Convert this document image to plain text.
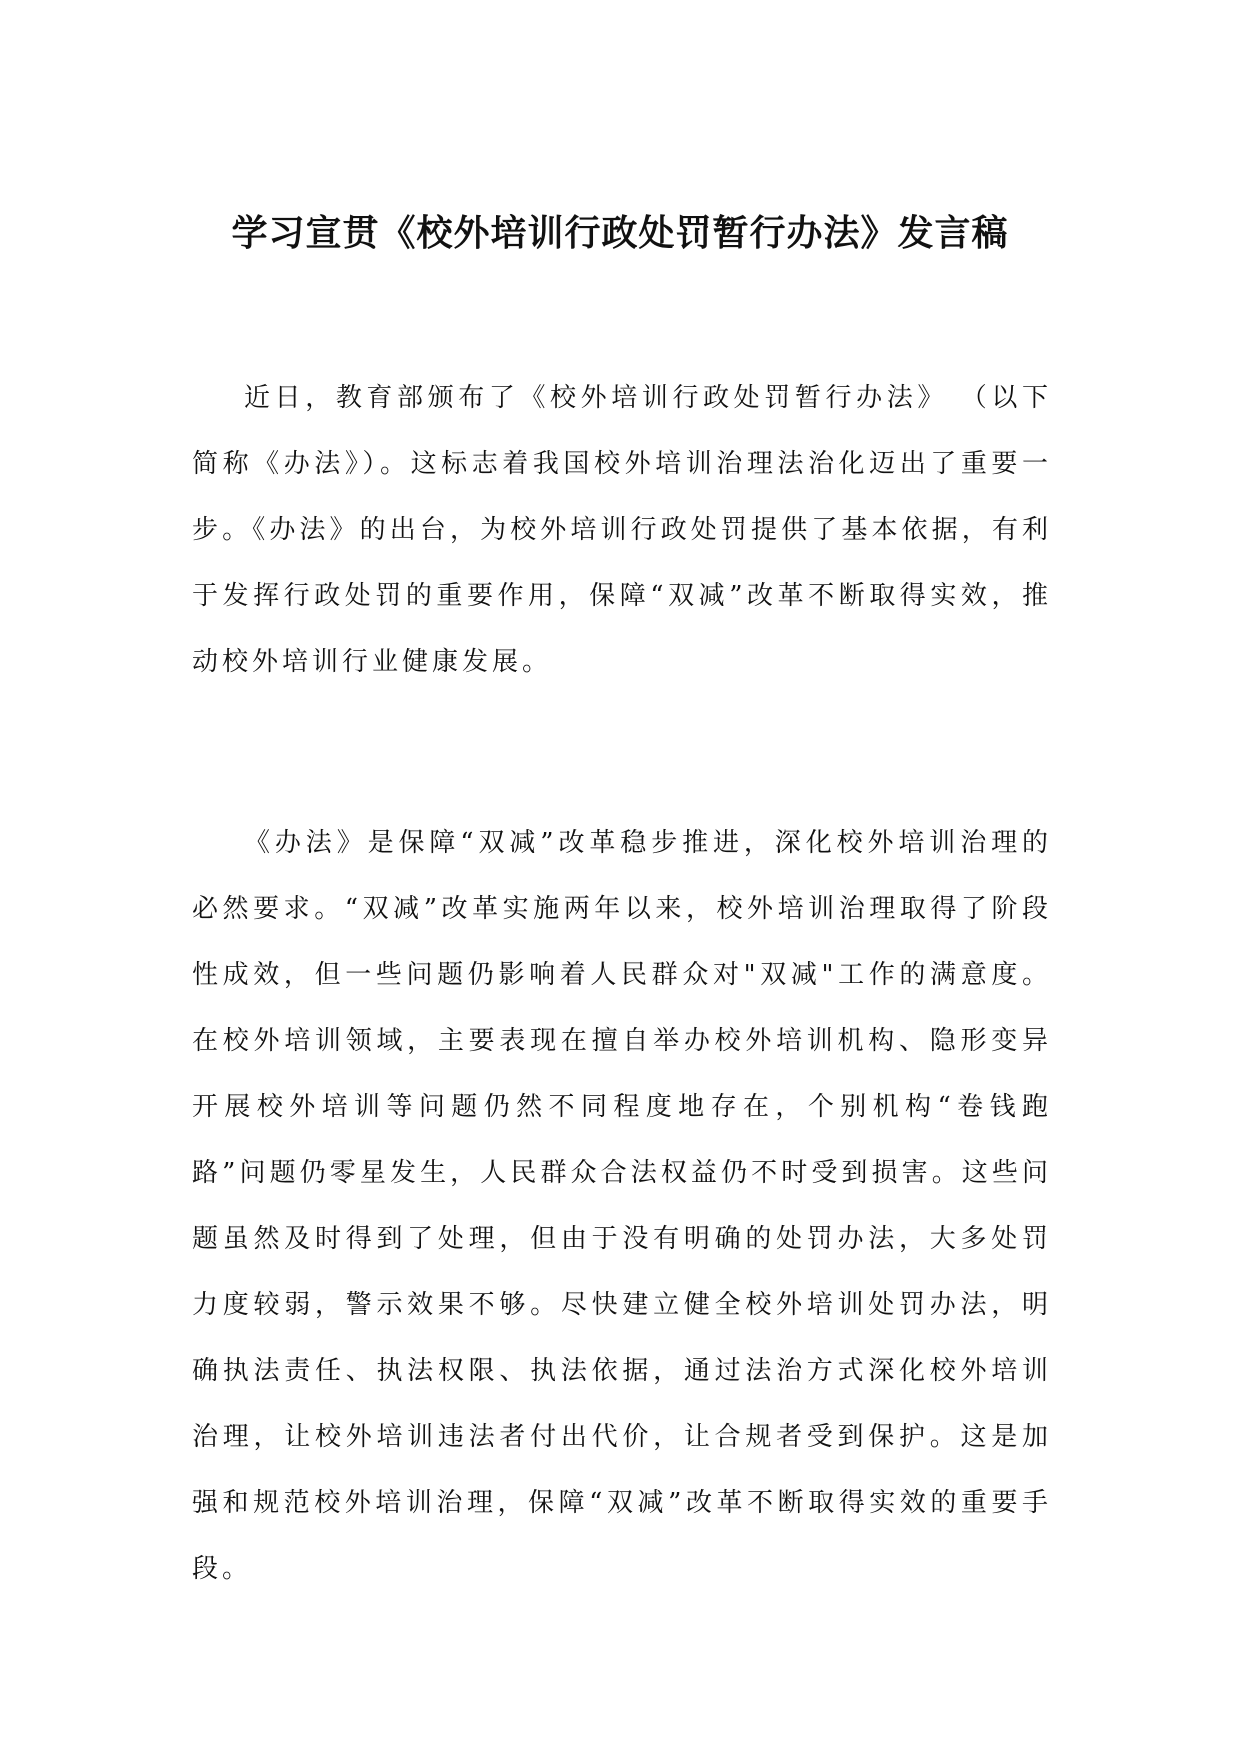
学习宣贯《校外培训行政处罚暂行办法》发言稿

近日，教育部颁布了《校外培训行政处罚暂行办法》 （以下简称《办法》）。这标志着我国校外培训治理法治化迈出了重要一步。《办法》的出台，为校外培训行政处罚提供了基本依据，有利于发挥行政处罚的重要作用，保障“双减”改革不断取得实效，推动校外培训行业健康发展。

《办法》是保障“双减”改革稳步推进，深化校外培训治理的必然要求。“双减”改革实施两年以来，校外培训治理取得了阶段性成效，但一些问题仍影响着人民群众对"双减"工作的满意度。在校外培训领域，主要表现在擅自举办校外培训机构、隐形变异开展校外培训等问题仍然不同程度地存在，个别机构“卷钱跑路”问题仍零星发生，人民群众合法权益仍不时受到损害。这些问题虽然及时得到了处理，但由于没有明确的处罚办法，大多处罚力度较弱，警示效果不够。尽快建立健全校外培训处罚办法，明确执法责任、执法权限、执法依据，通过法治方式深化校外培训治理，让校外培训违法者付出代价，让合规者受到保护。这是加强和规范校外培训治理，保障“双减”改革不断取得实效的重要手段。
